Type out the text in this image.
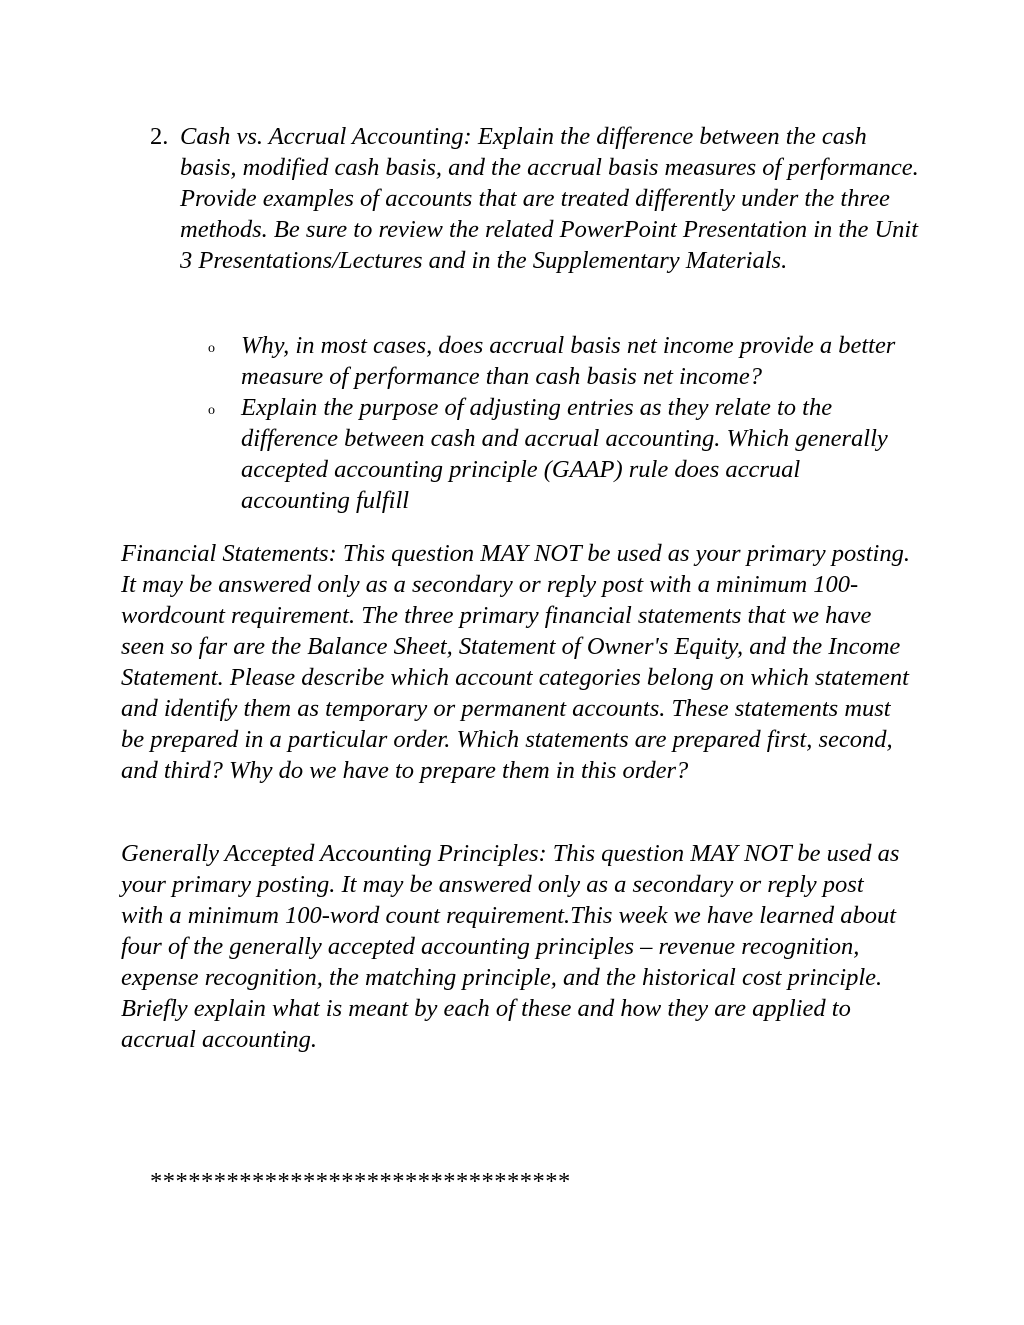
2. Cash vs. Accrual Accounting: Explain the difference between the cash basis, modified cash basis, and the accrual basis measures of performance. Provide examples of accounts that are treated differently under the three methods. Be sure to review the related PowerPoint Presentation in the Unit 3 Presentations/Lectures and in the Supplementary Materials.

o	Why, in most cases, does accrual basis net income provide a better measure of performance than cash basis net income?
o	Explain the purpose of adjusting entries as they relate to the difference between cash and accrual accounting. Which generally accepted accounting principle (GAAP) rule does accrual accounting fulfill

Financial Statements: This question MAY NOT be used as your primary posting. It may be answered only as a secondary or reply post with a minimum 100-wordcount requirement. The three primary financial statements that we have seen so far are the Balance Sheet, Statement of Owner's Equity, and the Income Statement. Please describe which account categories belong on which statement and identify them as temporary or permanent accounts. These statements must be prepared in a particular order. Which statements are prepared first, second, and third? Why do we have to prepare them in this order?

Generally Accepted Accounting Principles: This question MAY NOT be used as your primary posting. It may be answered only as a secondary or reply post with a minimum 100-word count requirement.This week we have learned about four of the generally accepted accounting principles – revenue recognition, expense recognition, the matching principle, and the historical cost principle. Briefly explain what is meant by each of these and how they are applied to accrual accounting.

*********************************
